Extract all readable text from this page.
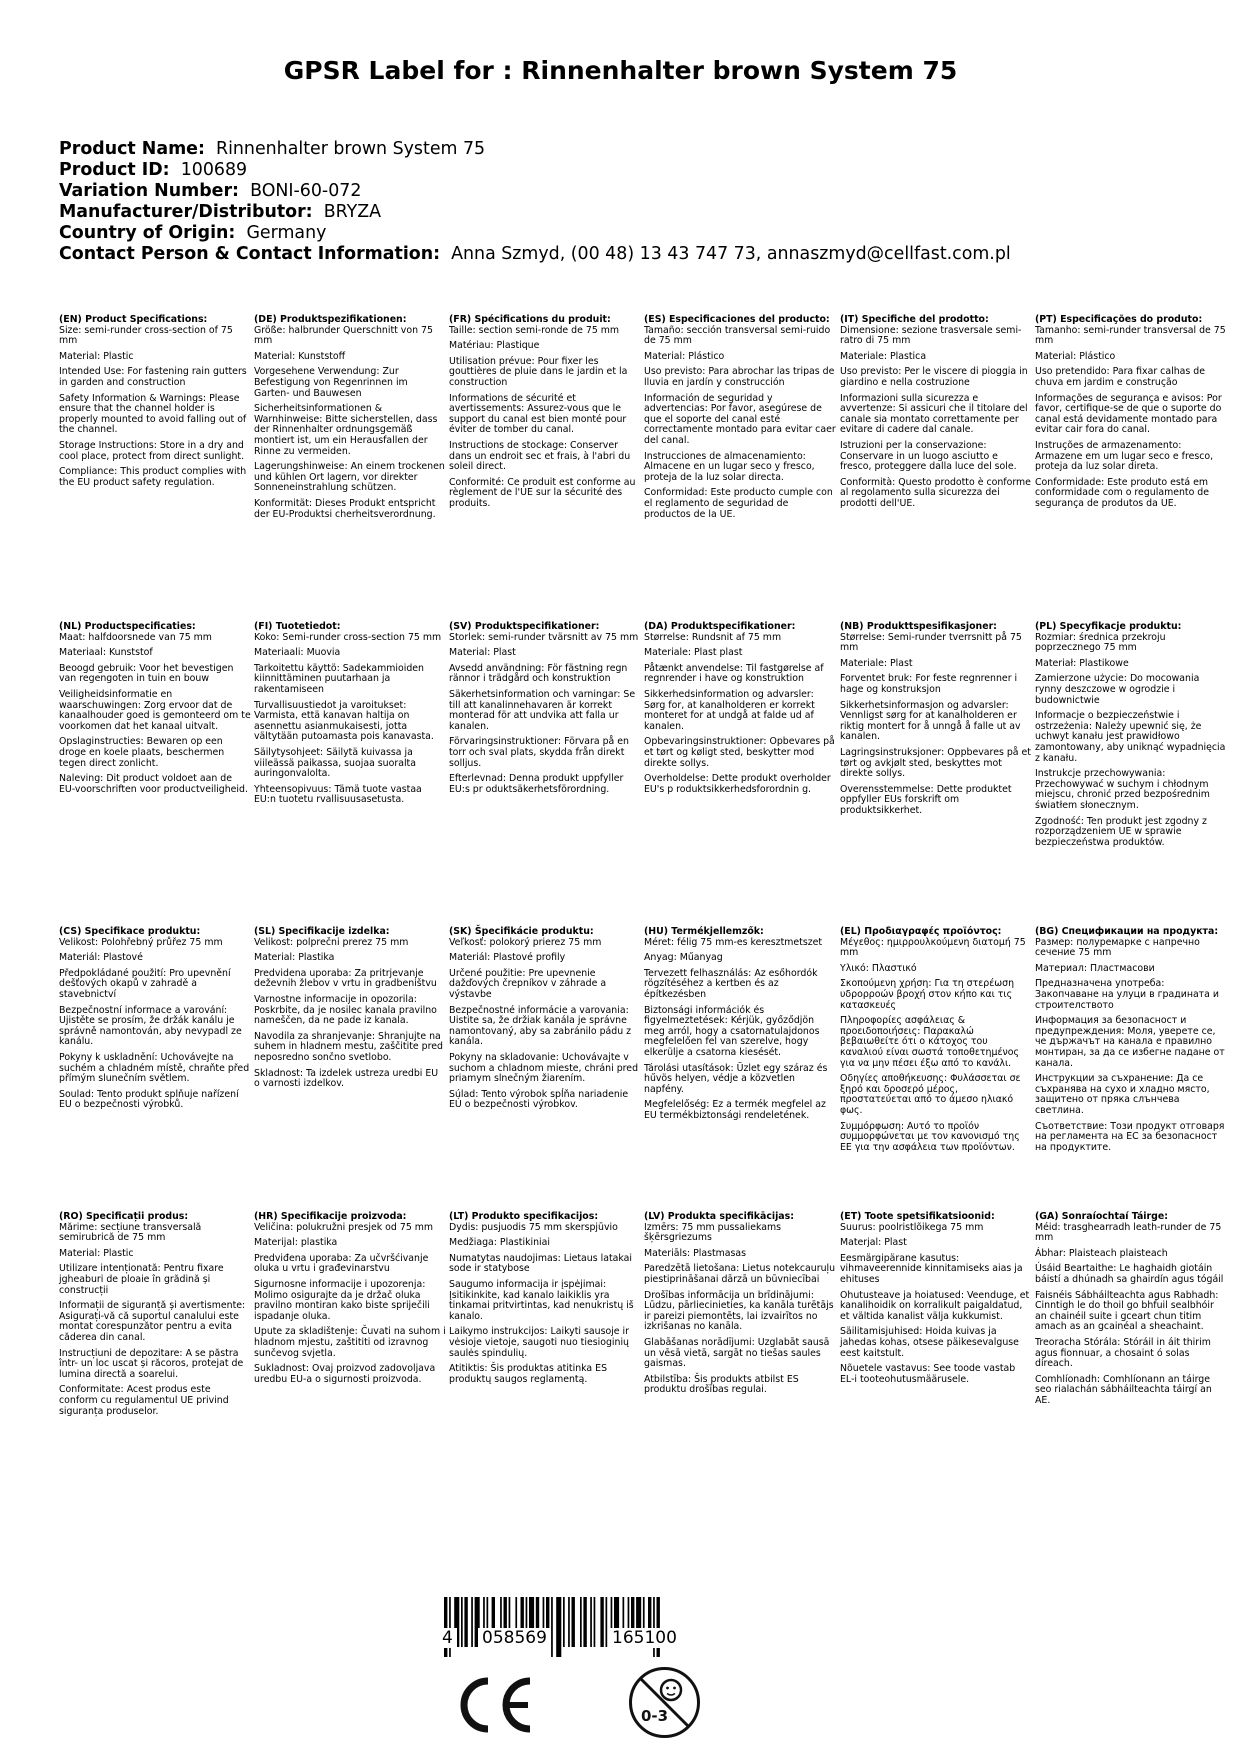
GPSR Label for : Rinnenhalter brown System 75
Product Name: Rinnenhalter brown System 75
Product ID: 100689
Variation Number: BONI-60-072
Manufacturer/Distributor: BRYZA
Country of Origin: Germany
Contact Person & Contact Information: Anna Szmyd, (00 48) 13 43 747 73, annaszmyd@cellfast.com.pl
(EN) Product Specifications:
Size: semi-runder cross-section of 75 mm
Material: Plastic
Intended Use: For fastening rain gutters in garden and construction
Safety Information & Warnings: Please ensure that the channel holder is properly mounted to avoid falling out of the channel.
Storage Instructions: Store in a dry and cool place, protect from direct sunlight.
Compliance: This product complies with the EU product safety regulation.
(DE) Produktspezifikationen:
Größe: halbrunder Querschnitt von 75 mm
Material: Kunststoff
Vorgesehene Verwendung: Zur Befestigung von Regenrinnen im Garten- und Bauwesen
Sicherheitsinformationen & Warnhinweise: Bitte sicherstellen, dass der Rinnenhalter ordnungsgemäß montiert ist, um ein Herausfallen der Rinne zu vermeiden.
Lagerungshinweise: An einem trockenen und kühlen Ort lagern, vor direkter Sonneneinstrahlung schützen.
Konformität: Dieses Produkt entspricht der EU-Produktsi cherheitsverordnung.
(FR) Spécifications du produit:
Taille: section semi-ronde de 75 mm
Matériau: Plastique
Utilisation prévue: Pour fixer les gouttières de pluie dans le jardin et la construction
Informations de sécurité et avertissements: Assurez-vous que le support du canal est bien monté pour éviter de tomber du canal.
Instructions de stockage: Conserver dans un endroit sec et frais, à l'abri du soleil direct.
Conformité: Ce produit est conforme au règlement de l'UE sur la sécurité des produits.
(ES) Especificaciones del producto:
Tamaño: sección transversal semi-ruido de 75 mm
Material: Plástico
Uso previsto: Para abrochar las tripas de lluvia en jardín y construcción
Información de seguridad y advertencias: Por favor, asegúrese de que el soporte del canal esté correctamente montado para evitar caer del canal.
Instrucciones de almacenamiento: Almacene en un lugar seco y fresco, proteja de la luz solar directa.
Conformidad: Este producto cumple con el reglamento de seguridad de productos de la UE.
(IT) Specifiche del prodotto:
Dimensione: sezione trasversale semi-ratro di 75 mm
Materiale: Plastica
Uso previsto: Per le viscere di pioggia in giardino e nella costruzione
Informazioni sulla sicurezza e avvertenze: Si assicuri che il titolare del canale sia montato correttamente per evitare di cadere dal canale.
Istruzioni per la conservazione: Conservare in un luogo asciutto e fresco, proteggere dalla luce del sole.
Conformità: Questo prodotto è conforme al regolamento sulla sicurezza dei prodotti dell'UE.
(PT) Especificações do produto:
Tamanho: semi-runder transversal de 75 mm
Material: Plástico
Uso pretendido: Para fixar calhas de chuva em jardim e construção
Informações de segurança e avisos: Por favor, certifique-se de que o suporte do canal está devidamente montado para evitar cair fora do canal.
Instruções de armazenamento: Armazene em um lugar seco e fresco, proteja da luz solar direta.
Conformidade: Este produto está em conformidade com o regulamento de segurança de produtos da UE.
(NL) Productspecificaties:
Maat: halfdoorsnede van 75 mm
Materiaal: Kunststof
Beoogd gebruik: Voor het bevestigen van regengoten in tuin en bouw
Veiligheidsinformatie en waarschuwingen: Zorg ervoor dat de kanaalhouder goed is gemonteerd om te voorkomen dat het kanaal uitvalt.
Opslaginstructies: Bewaren op een droge en koele plaats, beschermen tegen direct zonlicht.
Naleving: Dit product voldoet aan de EU-voorschriften voor productveiligheid.
(FI) Tuotetiedot:
Koko: Semi-runder cross-section 75 mm
Materiaali: Muovia
Tarkoitettu käyttö: Sadekammioiden kiinnittäminen puutarhaan ja rakentamiseen
Turvallisuustiedot ja varoitukset: Varmista, että kanavan haltija on asennettu asianmukaisesti, jotta vältytään putoamasta pois kanavasta.
Säilytysohjeet: Säilytä kuivassa ja viileässä paikassa, suojaa suoralta auringonvalolta.
Yhteensopivuus: Tämä tuote vastaa EU:n tuotetu rvallisuusasetusta.
(SV) Produktspecifikationer:
Storlek: semi-runder tvärsnitt av 75 mm
Material: Plast
Avsedd användning: För fästning regn rännor i trädgård och konstruktion
Säkerhetsinformation och varningar: Se till att kanalinnehavaren är korrekt monterad för att undvika att falla ur kanalen.
Förvaringsinstruktioner: Förvara på en torr och sval plats, skydda från direkt solljus.
Efterlevnad: Denna produkt uppfyller EU:s pr oduktsäkerhetsförordning.
(DA) Produktspecifikationer:
Størrelse: Rundsnit af 75 mm
Materiale: Plast plast
Påtænkt anvendelse: Til fastgørelse af regnrender i have og konstruktion
Sikkerhedsinformation og advarsler: Sørg for, at kanalholderen er korrekt monteret for at undgå at falde ud af kanalen.
Opbevaringsinstruktioner: Opbevares på et tørt og køligt sted, beskytter mod direkte sollys.
Overholdelse: Dette produkt overholder EU's p roduktsikkerhedsforordnin g.
(NB) Produkttspesifikasjoner:
Størrelse: Semi-runder tverrsnitt på 75 mm
Materiale: Plast
Forventet bruk: For feste regnrenner i hage og konstruksjon
Sikkerhetsinformasjon og advarsler: Vennligst sørg for at kanalholderen er riktig montert for å unngå å falle ut av kanalen.
Lagringsinstruksjoner: Oppbevares på et tørt og avkjølt sted, beskyttes mot direkte sollys.
Overensstemmelse: Dette produktet oppfyller EUs forskrift om produktsikkerhet.
(PL) Specyfikacje produktu:
Rozmiar: średnica przekroju poprzecznego 75 mm
Materiał: Plastikowe
Zamierzone użycie: Do mocowania rynny deszczowe w ogrodzie i budownictwie
Informacje o bezpieczeństwie i ostrzeżenia: Należy upewnić się, że uchwyt kanału jest prawidłowo zamontowany, aby uniknąć wypadnięcia z kanału.
Instrukcje przechowywania: Przechowywać w suchym i chłodnym miejscu, chronić przed bezpośrednim światłem słonecznym.
Zgodność: Ten produkt jest zgodny z rozporządzeniem UE w sprawie bezpieczeństwa produktów.
(CS) Specifikace produktu:
Velikost: Polohřebný průřez 75 mm
Materiál: Plastové
Předpokládané použití: Pro upevnění dešťových okapů v zahradě a stavebnictví
Bezpečnostní informace a varování: Ujistěte se prosím, že držák kanálu je správně namontován, aby nevypadl ze kanálu.
Pokyny k uskladnění: Uchovávejte na suchém a chladném místě, chraňte před přímým slunečním světlem.
Soulad: Tento produkt splňuje nařízení EU o bezpečnosti výrobků.
(SL) Specifikacije izdelka:
Velikost: polprečni prerez 75 mm
Material: Plastika
Predvidena uporaba: Za pritrjevanje deževnih žlebov v vrtu in gradbeništvu
Varnostne informacije in opozorila: Poskrbite, da je nosilec kanala pravilno nameščen, da ne pade iz kanala.
Navodila za shranjevanje: Shranjujte na suhem in hladnem mestu, zaščitite pred neposredno sončno svetlobo.
Skladnost: Ta izdelek ustreza uredbi EU o varnosti izdelkov.
(SK) Špecifikácie produktu:
Veľkosť: polokorý prierez 75 mm
Materiál: Plastové profily
Určené použitie: Pre upevnenie dažďových črepníkov v záhrade a výstavbe
Bezpečnostné informácie a varovania: Uistite sa, že držiak kanála je správne namontovaný, aby sa zabránilo pádu z kanála.
Pokyny na skladovanie: Uchovávajte v suchom a chladnom mieste, chráni pred priamym slnečným žiarením.
Súlad: Tento výrobok spĺňa nariadenie EÚ o bezpečnosti výrobkov.
(HU) Termékjellemzők:
Méret: félig 75 mm-es keresztmetszet
Anyag: Műanyag
Tervezett felhasználás: Az esőhordók rögzítéséhez a kertben és az építkezésben
Biztonsági információk és figyelmeztetések: Kérjük, győződjön meg arról, hogy a csatornatulajdonos megfelelően fel van szerelve, hogy elkerülje a csatorna kiesését.
Tárolási utasítások: Üzlet egy száraz és hűvös helyen, védje a közvetlen napfény.
Megfelelőség: Ez a termék megfelel az EU termékbiztonsági rendeletének.
(EL) Προδιαγραφές προϊόντος:
Μέγεθος: ημιρρουλκούμενη διατομή 75 mm
Υλικό: Πλαστικό
Σκοπούμενη χρήση: Για τη στερέωση υδρορροών βροχή στον κήπο και τις κατασκευές
Πληροφορίες ασφάλειας & προειδοποιήσεις: Παρακαλώ βεβαιωθείτε ότι ο κάτοχος του καναλιού είναι σωστά τοποθετημένος για να μην πέσει έξω από το κανάλι.
Οδηγίες αποθήκευσης: Φυλάσσεται σε ξηρό και δροσερό μέρος, προστατεύεται από το άμεσο ηλιακό φως.
Συμμόρφωση: Αυτό το προϊόν συμμορφώνεται με τον κανονισμό της ΕΕ για την ασφάλεια των προϊόντων.
(BG) Спецификации на продукта:
Размер: полуремарке с напречно сечение 75 mm
Материал: Пластмасови
Предназначена употреба: Закопчаване на улуци в градината и строителството
Информация за безопасност и предупреждения: Моля, уверете се, че държачът на канала е правилно монтиран, за да се избегне падане от канала.
Инструкции за съхранение: Да се съхранява на сухо и хладно място, защитено от пряка слънчева светлина.
Съответствие: Този продукт отговаря на регламента на ЕС за безопасност на продуктите.
(RO) Specificații produs:
Mărime: secțiune transversală semirubrică de 75 mm
Material: Plastic
Utilizare intenționată: Pentru fixare jgheaburi de ploaie în grădină și construcții
Informații de siguranță și avertismente: Asigurați-vă că suportul canalului este montat corespunzător pentru a evita căderea din canal.
Instrucțiuni de depozitare: A se păstra într- un loc uscat și răcoros, protejat de lumina directă a soarelui.
Conformitate: Acest produs este conform cu regulamentul UE privind siguranța produselor.
(HR) Specifikacije proizvoda:
Veličina: polukružni presjek od 75 mm
Materijal: plastika
Predviđena uporaba: Za učvršćivanje oluka u vrtu i građevinarstvu
Sigurnosne informacije i upozorenja: Molimo osigurajte da je držač oluka pravilno montiran kako biste spriječili ispadanje oluka.
Upute za skladištenje: Čuvati na suhom i hladnom mjestu, zaštititi od izravnog sunčevog svjetla.
Sukladnost: Ovaj proizvod zadovoljava uredbu EU-a o sigurnosti proizvoda.
(LT) Produkto specifikacijos:
Dydis: pusjuodis 75 mm skerspjūvio
Medžiaga: Plastikiniai
Numatytas naudojimas: Lietaus latakai sode ir statybose
Saugumo informacija ir įspėjimai: Įsitikinkite, kad kanalo laikiklis yra tinkamai pritvirtintas, kad nenukristų iš kanalo.
Laikymo instrukcijos: Laikyti sausoje ir vėsioje vietoje, saugoti nuo tiesioginių saulės spindulių.
Atitiktis: Šis produktas atitinka ES produktų saugos reglamentą.
(LV) Produkta specifikācijas:
Izmērs: 75 mm pussaliekams šķērsgriezums
Materiāls: Plastmasas
Paredzētā lietošana: Lietus notekcauruļu piestiprināšanai dārzā un būvniecībai
Drošības informācija un brīdinājumi: Lūdzu, pārliecinieties, ka kanāla turētājs ir pareizi piemontēts, lai izvairītos no izkrišanas no kanāla.
Glabāšanas norādījumi: Uzglabāt sausā un vēsā vietā, sargāt no tiešas saules gaismas.
Atbilstība: Šis produkts atbilst ES produktu drošības regulai.
(ET) Toote spetsifikatsioonid:
Suurus: poolristlõikega 75 mm
Materjal: Plast
Eesmärgipärane kasutus: vihmaveerennide kinnitamiseks aias ja ehituses
Ohutusteave ja hoiatused: Veenduge, et kanalihoidik on korralikult paigaldatud, et vältida kanalist välja kukkumist.
Säilitamisjuhised: Hoida kuivas ja jahedas kohas, otsese päikesevalguse eest kaitstult.
Nõuetele vastavus: See toode vastab EL-i tooteohutusmäärusele.
(GA) Sonraíochtaí Táirge:
Méid: trasghearradh leath-runder de 75 mm
Ábhar: Plaisteach plaisteach
Úsáid Beartaithe: Le haghaidh giotáin báistí a dhúnadh sa ghairdín agus tógáil
Faisnéis Sábháilteachta agus Rabhadh: Cinntigh le do thoil go bhfuil sealbhóir an chainéil suite i gceart chun titim amach as an gcainéal a sheachaint.
Treoracha Stórála: Stóráil in áit thirim agus fionnuar, a chosaint ó solas díreach.
Comhlíonadh: Comhlíonann an táirge seo rialachán sábháilteachta táirgí an AE.
4 058569	165100
0-3
